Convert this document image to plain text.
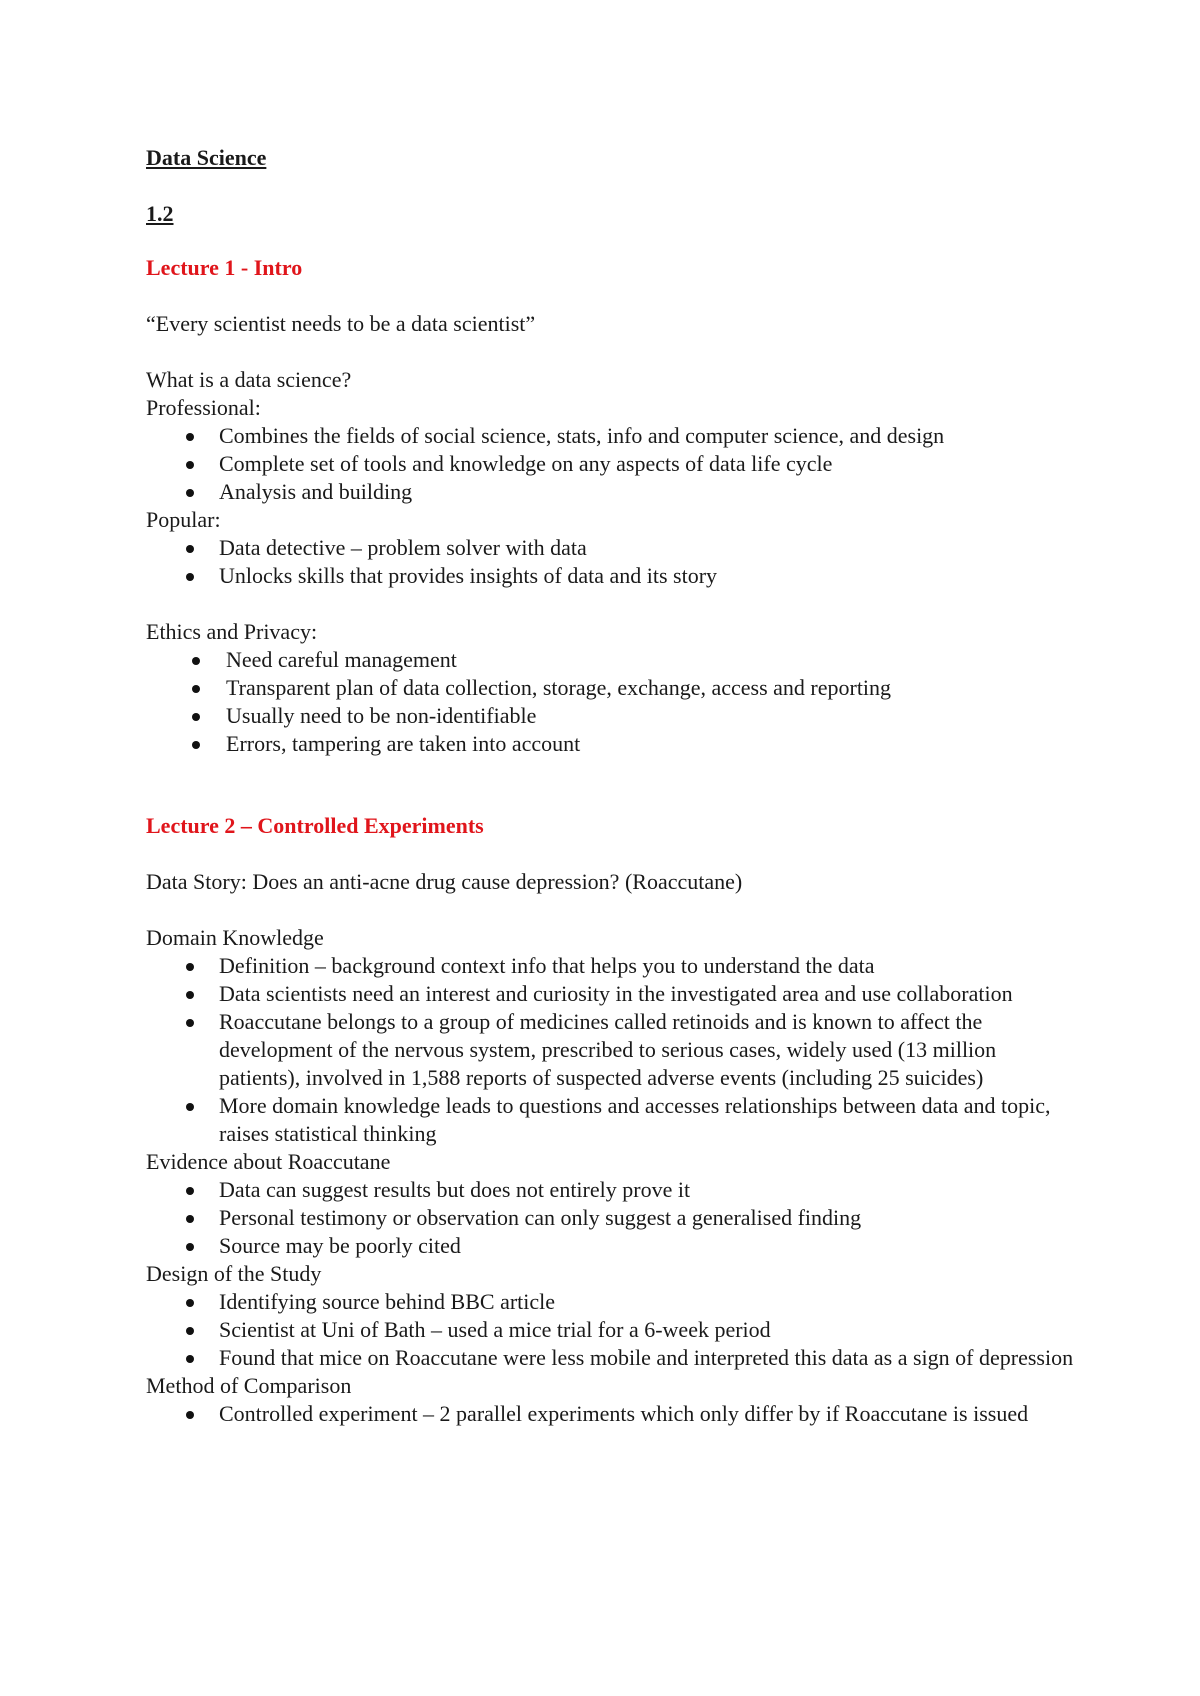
Data Science

1.2

Lecture 1 - Intro

“Every scientist needs to be a data scientist”

What is a data science?

Professional:

Combines the fields of social science, stats, info and computer science, and design
Complete set of tools and knowledge on any aspects of data life cycle
Analysis and building

Popular:

Data detective – problem solver with data
Unlocks skills that provides insights of data and its story

Ethics and Privacy:

Need careful management
Transparent plan of data collection, storage, exchange, access and reporting
Usually need to be non-identifiable
Errors, tampering are taken into account

Lecture 2 – Controlled Experiments

Data Story: Does an anti-acne drug cause depression? (Roaccutane)

Domain Knowledge

Definition – background context info that helps you to understand the data
Data scientists need an interest and curiosity in the investigated area and use collaboration
Roaccutane belongs to a group of medicines called retinoids and is known to affect the development of the nervous system, prescribed to serious cases, widely used (13 million patients), involved in 1,588 reports of suspected adverse events (including 25 suicides)
More domain knowledge leads to questions and accesses relationships between data and topic, raises statistical thinking

Evidence about Roaccutane

Data can suggest results but does not entirely prove it
Personal testimony or observation can only suggest a generalised finding
Source may be poorly cited

Design of the Study

Identifying source behind BBC article
Scientist at Uni of Bath – used a mice trial for a 6-week period
Found that mice on Roaccutane were less mobile and interpreted this data as a sign of depression

Method of Comparison

Controlled experiment – 2 parallel experiments which only differ by if Roaccutane is issued
